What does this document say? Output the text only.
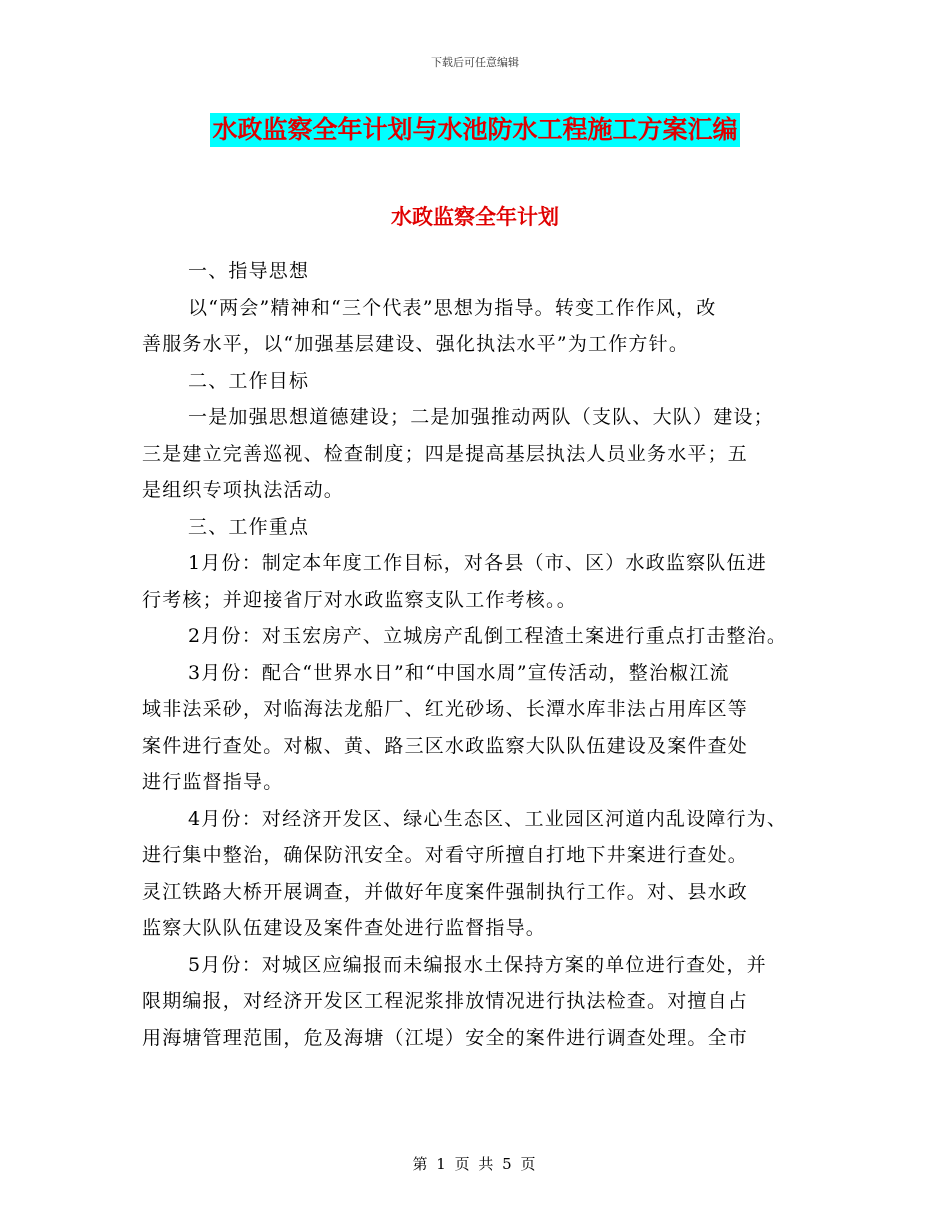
下载后可任意编辑
水政监察全年计划与水池防水工程施工方案汇编
水政监察全年计划
一、指导思想
以“两会”精神和“三个代表”思想为指导。转变工作作风，改
善服务水平，以“加强基层建设、强化执法水平”为工作方针。
二、工作目标
一是加强思想道德建设；二是加强推动两队（支队、大队）建设；
三是建立完善巡视、检查制度；四是提高基层执法人员业务水平；五
是组织专项执法活动。
三、工作重点
1月份：制定本年度工作目标，对各县（市、区）水政监察队伍进
行考核；并迎接省厅对水政监察支队工作考核。。
2月份：对玉宏房产、立城房产乱倒工程渣土案进行重点打击整治。
3月份：配合“世界水日”和“中国水周”宣传活动，整治椒江流
域非法采砂，对临海法龙船厂、红光砂场、长潭水库非法占用库区等
案件进行查处。对椒、黄、路三区水政监察大队队伍建设及案件查处
进行监督指导。
4月份：对经济开发区、绿心生态区、工业园区河道内乱设障行为、
进行集中整治，确保防汛安全。对看守所擅自打地下井案进行查处。
灵江铁路大桥开展调查，并做好年度案件强制执行工作。对、县水政
监察大队队伍建设及案件查处进行监督指导。
5月份：对城区应编报而未编报水土保持方案的单位进行查处，并
限期编报，对经济开发区工程泥浆排放情况进行执法检查。对擅自占
用海塘管理范围，危及海塘（江堤）安全的案件进行调查处理。全市
第 1 页 共 5 页
